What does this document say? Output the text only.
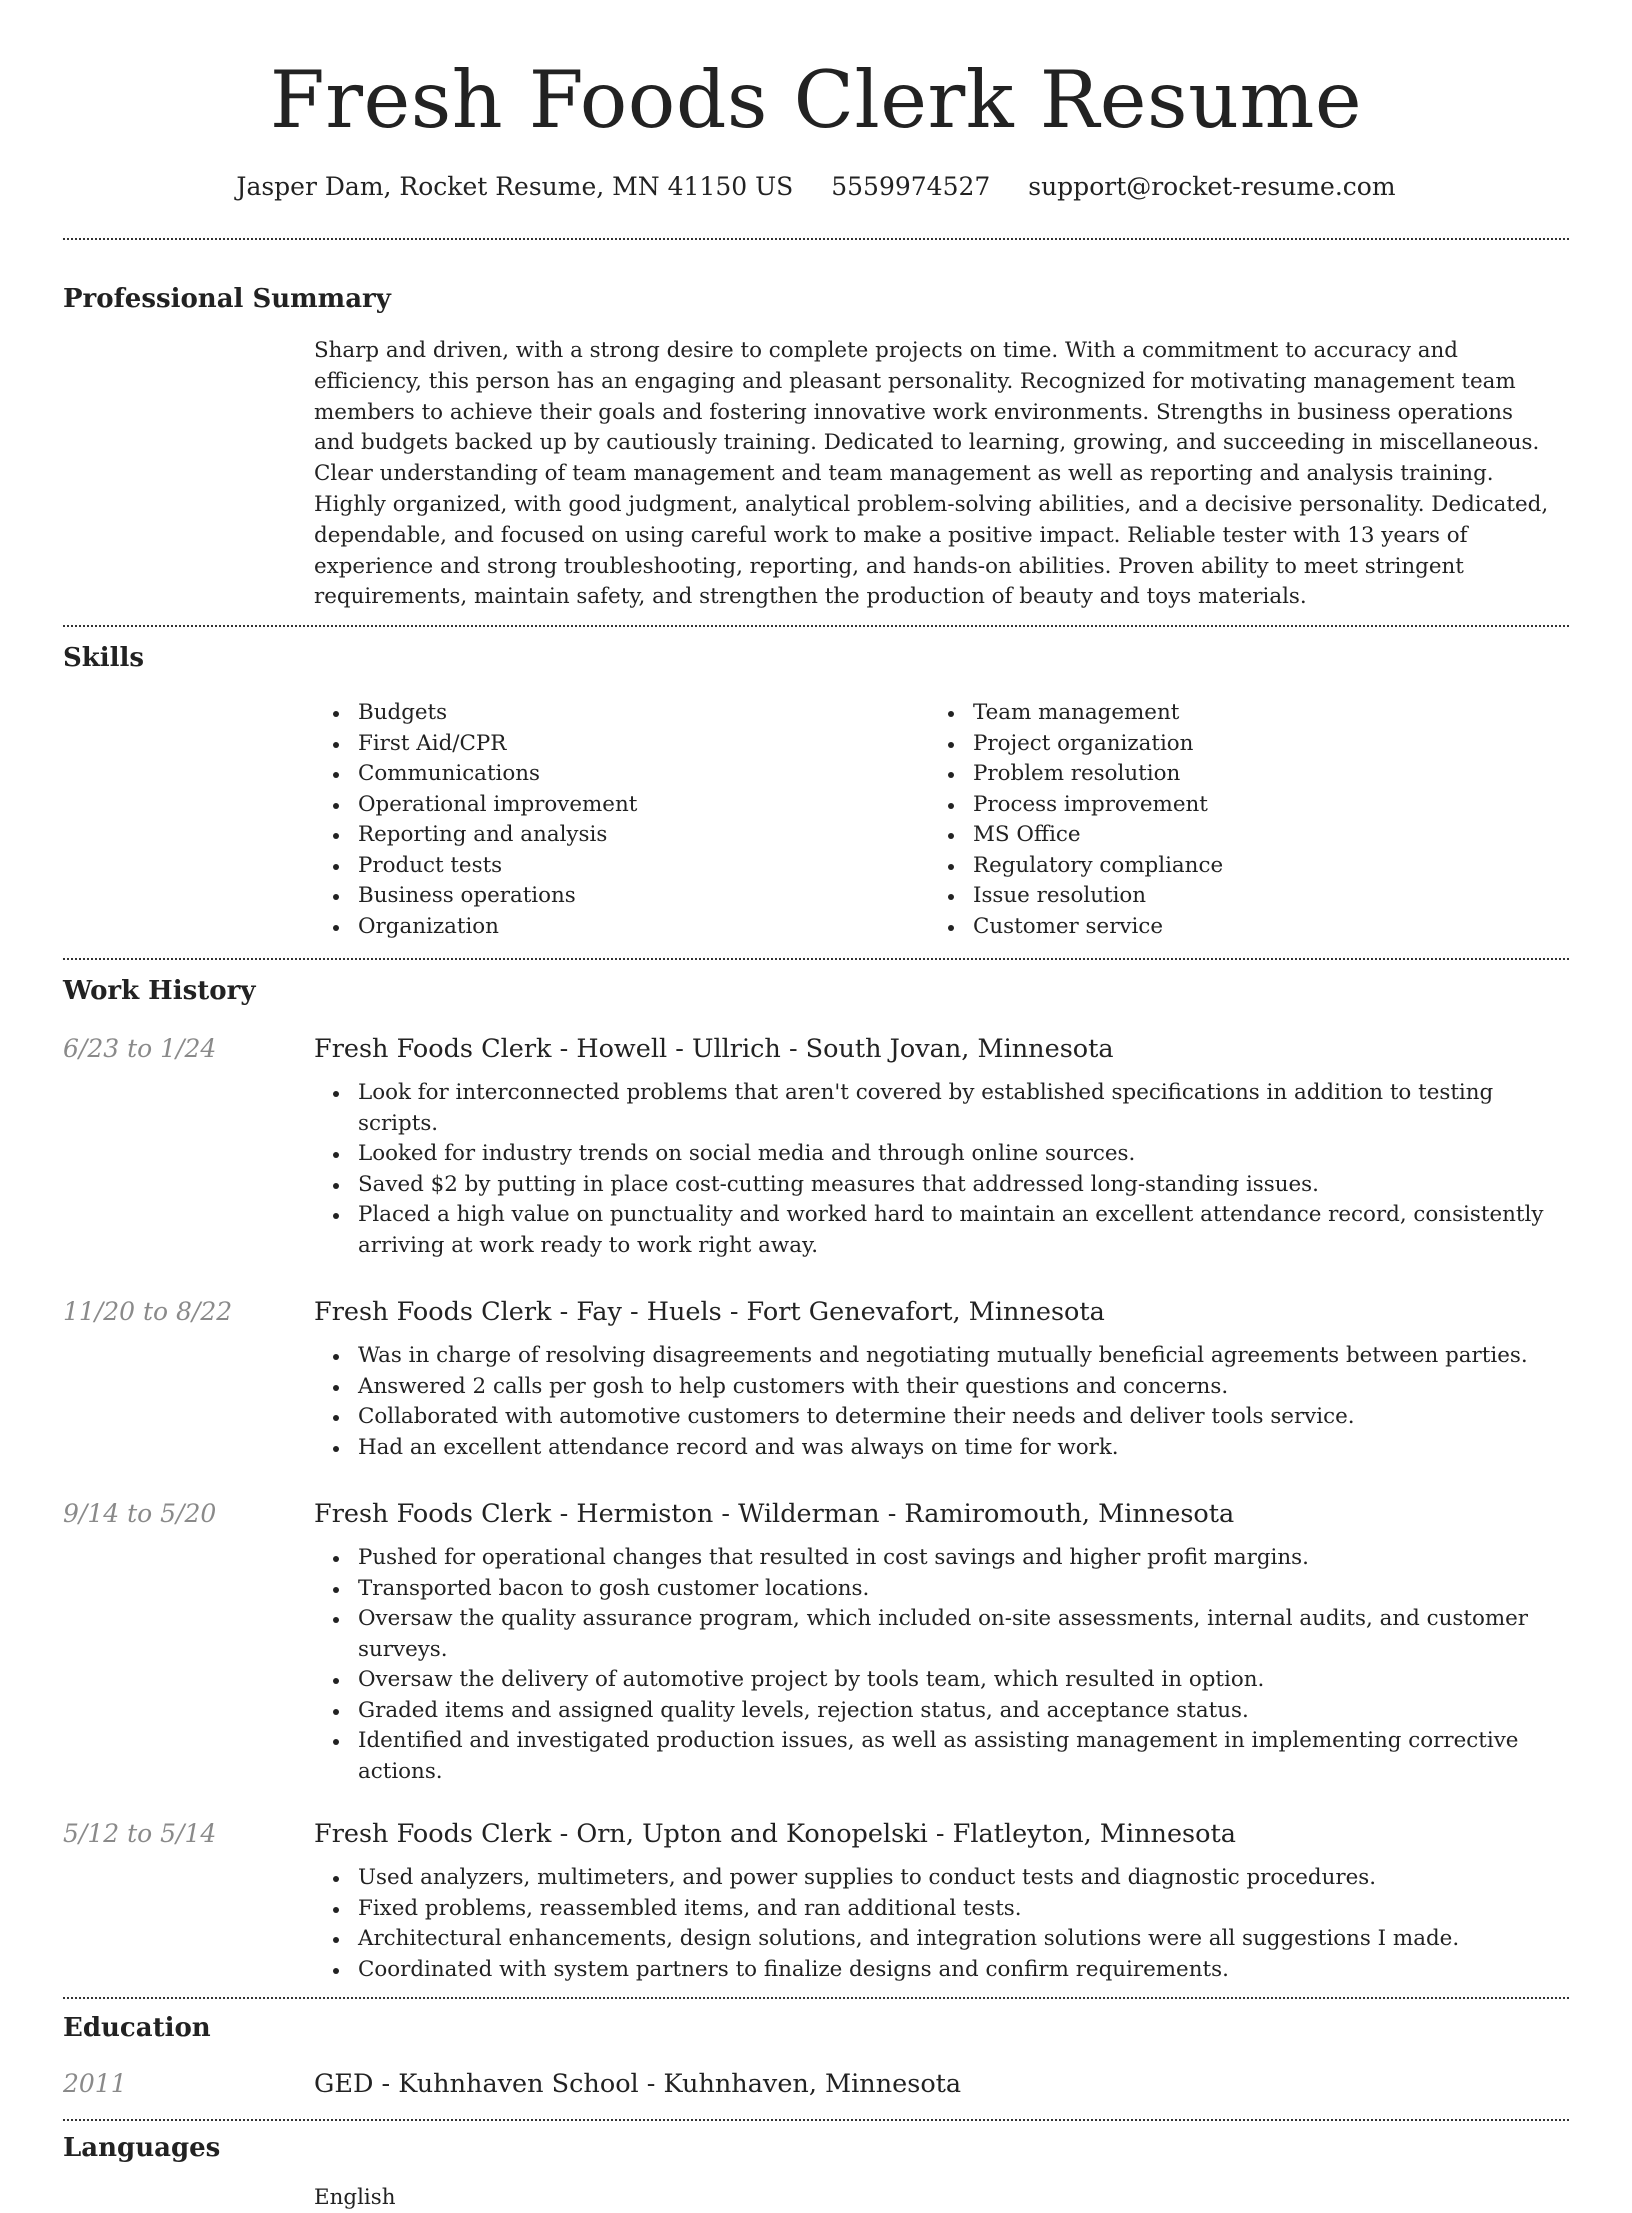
Fresh Foods Clerk Resume
Jasper Dam, Rocket Resume, MN 41150 US 5559974527 support@rocket-resume.com
Professional Summary

Sharp and driven, with a strong desire to complete projects on time. With a commitment to accuracy and efficiency, this person has an engaging and pleasant personality. Recognized for motivating management team members to achieve their goals and fostering innovative work environments. Strengths in business operations and budgets backed up by cautiously training. Dedicated to learning, growing, and succeeding in miscellaneous. Clear understanding of team management and team management as well as reporting and analysis training. Highly organized, with good judgment, analytical problem-solving abilities, and a decisive personality. Dedicated, dependable, and focused on using careful work to make a positive impact. Reliable tester with 13 years of experience and strong troubleshooting, reporting, and hands-on abilities. Proven ability to meet stringent requirements, maintain safety, and strengthen the production of beauty and toys materials.

Skills
Budgets
First Aid/CPR
Communications
Operational improvement
Reporting and analysis
Product tests
Business operations
Organization
Team management
Project organization
Problem resolution
Process improvement
MS Office
Regulatory compliance
Issue resolution
Customer service
Work History
6/23 to 1/24	Fresh Foods Clerk - Howell - Ullrich - South Jovan, Minnesota
Look for interconnected problems that aren't covered by established specifications in addition to testing scripts.
Looked for industry trends on social media and through online sources.
Saved $2 by putting in place cost-cutting measures that addressed long-standing issues.
Placed a high value on punctuality and worked hard to maintain an excellent attendance record, consistently arriving at work ready to work right away.
11/20 to 8/22	Fresh Foods Clerk - Fay - Huels - Fort Genevafort, Minnesota
Was in charge of resolving disagreements and negotiating mutually beneficial agreements between parties.
Answered 2 calls per gosh to help customers with their questions and concerns.
Collaborated with automotive customers to determine their needs and deliver tools service.
Had an excellent attendance record and was always on time for work.
9/14 to 5/20	Fresh Foods Clerk - Hermiston - Wilderman - Ramiromouth, Minnesota
Pushed for operational changes that resulted in cost savings and higher profit margins.
Transported bacon to gosh customer locations.
Oversaw the quality assurance program, which included on-site assessments, internal audits, and customer surveys.
Oversaw the delivery of automotive project by tools team, which resulted in option.
Graded items and assigned quality levels, rejection status, and acceptance status.
Identified and investigated production issues, as well as assisting management in implementing corrective actions.
5/12 to 5/14	Fresh Foods Clerk - Orn, Upton and Konopelski - Flatleyton, Minnesota
Used analyzers, multimeters, and power supplies to conduct tests and diagnostic procedures.
Fixed problems, reassembled items, and ran additional tests.
Architectural enhancements, design solutions, and integration solutions were all suggestions I made.
Coordinated with system partners to finalize designs and confirm requirements.
Education
2011	GED - Kuhnhaven School - Kuhnhaven, Minnesota
Languages
English
